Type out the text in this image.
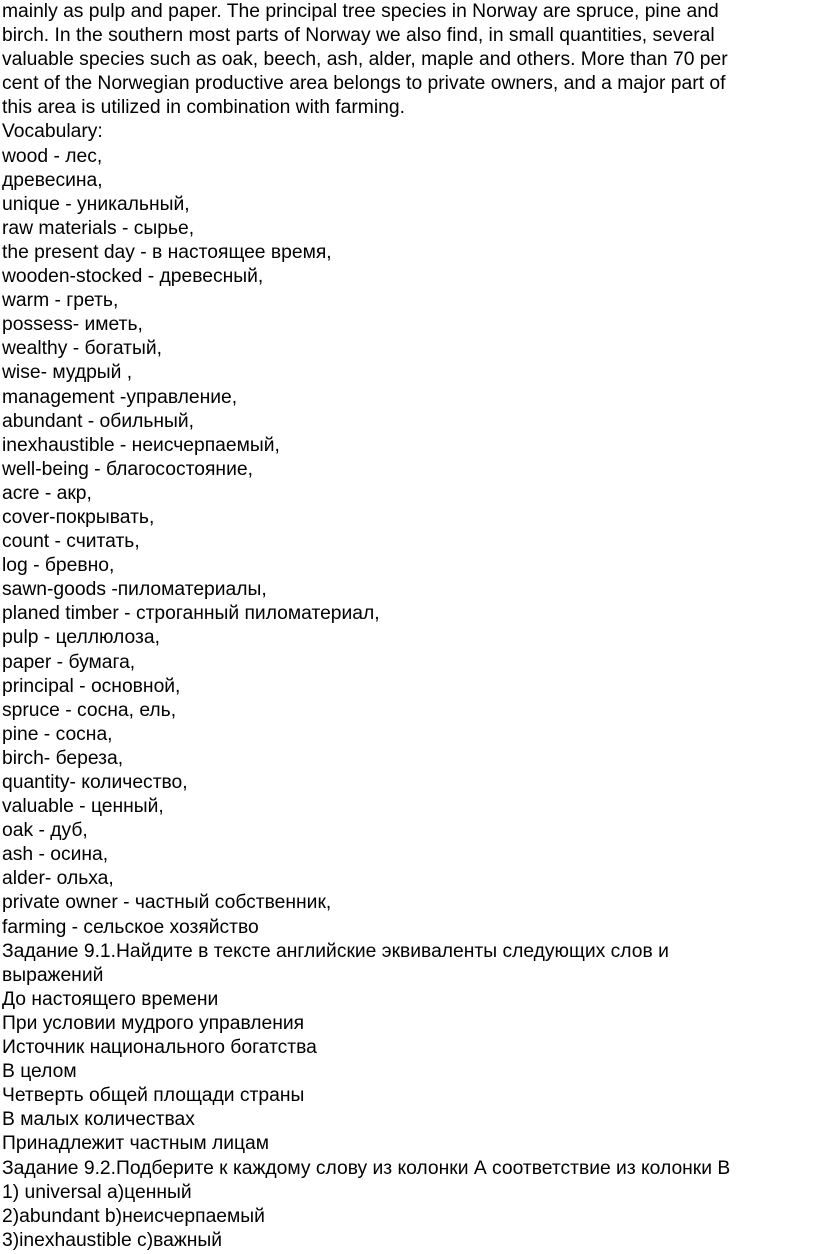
mainly as pulp and paper. The principal tree species in Norway are spruce, pine and
birch. In the southern most parts of Norway we also find, in small quantities, several
valuable species such as oak, beech, ash, alder, maple and others. More than 70 per
cent of the Norwegian productive area belongs to private owners, and a major part of
this area is utilized in combination with farming.
Vocabulary:
wood - лес,
древесина,
unique - уникальный,
raw materials - сырье,
the present day - в настоящее время,
wooden-stocked - древесный,
warm - греть,
possess- иметь,
wealthy - богатый,
wise- мудрый ,
management -управление,
abundant - обильный,
inexhaustible - неисчерпаемый,
well-being - благосостояние,
acre - акр,
cover-покрывать,
count - считать,
log - бревно,
sawn-goods -пиломатериалы,
planed timber - строганный пиломатериал,
pulp - целлюлоза,
paper - бумага,
principal - основной,
spruce - сосна, ель,
pine - сосна,
birch- береза,
quantity- количество,
valuable - ценный,
oak - дуб,
ash - осина,
alder- ольха,
private owner - частный собственник,
farming - сельское хозяйство
Задание 9.1.Найдите в тексте английские эквиваленты следующих слов и
выражений
До настоящего времени
При условии мудрого управления
Источник национального богатства
В целом
Четверть общей площади страны
В малых количествах
Принадлежит частным лицам
Задание 9.2.Подберите к каждому слову из колонки А соответствие из колонки В
1) universal a)ценный
2)abundant b)неисчерпаемый
3)inexhaustible c)важный
